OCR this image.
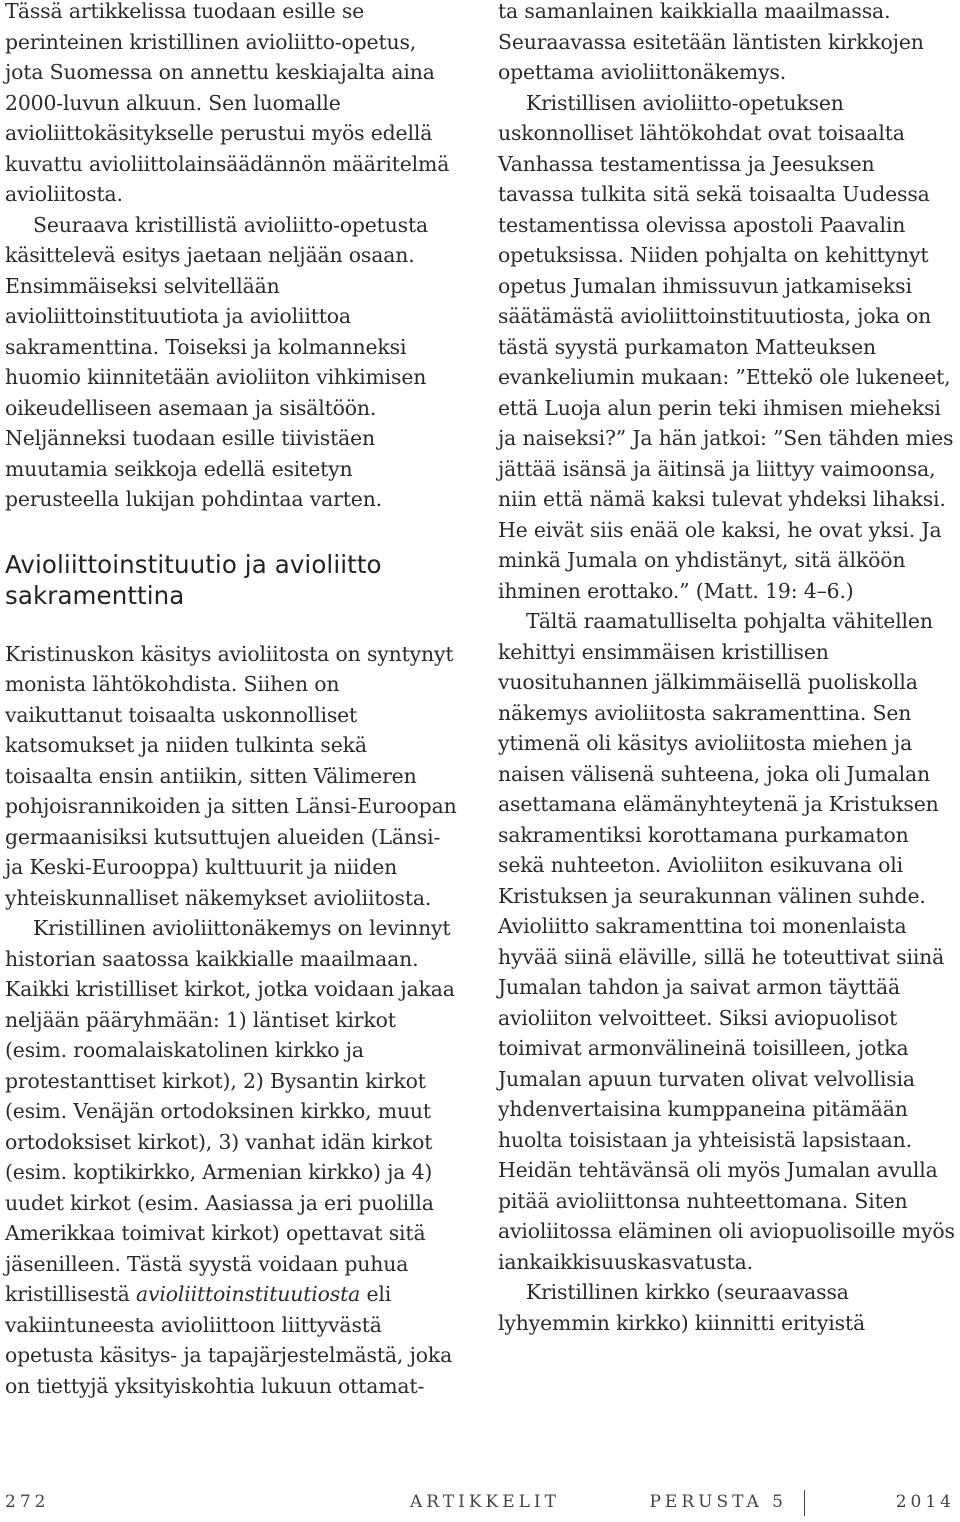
Tässä artikkelissa tuodaan esille se perinteinen kristillinen avioliitto-opetus, jota Suomessa on annettu keskiajalta aina 2000-luvun alkuun. Sen luomalle avioliittokäsitykselle perustui myös edellä kuvattu avioliittolainsäädännön määritelmä avioliitosta.

Seuraava kristillistä avioliitto-opetusta käsittelevä esitys jaetaan neljään osaan. Ensimmäiseksi selvitellään avioliittoinstituutiota ja avioliittoa sakramenttina. Toiseksi ja kolmanneksi huomio kiinnitetään avioliiton vihkimisen oikeudelliseen asemaan ja sisältöön. Neljänneksi tuodaan esille tiivistäen muutamia seikkoja edellä esitetyn perusteella lukijan pohdintaa varten.

Avioliittoinstituutio ja avioliitto sakramenttina

Kristinuskon käsitys avioliitosta on syntynyt monista lähtökohdista. Siihen on vaikuttanut toisaalta uskonnolliset katsomukset ja niiden tulkinta sekä toisaalta ensin antiikin, sitten Välimeren pohjoisrannikoiden ja sitten Länsi-Euroopan germaanisiksi kutsuttujen alueiden (Länsi- ja Keski-Eurooppa) kulttuurit ja niiden yhteiskunnalliset näkemykset avioliitosta.

Kristillinen avioliittonäkemys on levinnyt historian saatossa kaikkialle maailmaan. Kaikki kristilliset kirkot, jotka voidaan jakaa neljään pääryhmään: 1) läntiset kirkot (esim. roomalaiskatolinen kirkko ja protestanttiset kirkot), 2) Bysantin kirkot (esim. Venäjän ortodoksinen kirkko, muut ortodoksiset kirkot), 3) vanhat idän kirkot (esim. koptikirkko, Armenian kirkko) ja 4) uudet kirkot (esim. Aasiassa ja eri puolilla Amerikkaa toimivat kirkot) opettavat sitä jäsenilleen. Tästä syystä voidaan puhua kristillisestä avioliittoinstituutiosta eli vakiintuneesta avioliittoon liittyvästä opetusta käsitys- ja tapajärjestelmästä, joka on tiettyjä yksityiskohtia lukuun ottamat-

ta samanlainen kaikkialla maailmassa. Seuraavassa esitetään läntisten kirkkojen opettama avioliittonäkemys.

Kristillisen avioliitto-opetuksen uskonnolliset lähtökohdat ovat toisaalta Vanhassa testamentissa ja Jeesuksen tavassa tulkita sitä sekä toisaalta Uudessa testamentissa olevissa apostoli Paavalin opetuksissa. Niiden pohjalta on kehittynyt opetus Jumalan ihmissuvun jatkamiseksi säätämästä avioliittoinstituutiosta, joka on tästä syystä purkamaton Matteuksen evankeliumin mukaan: ”Ettekö ole lukeneet, että Luoja alun perin teki ihmisen mieheksi ja naiseksi?” Ja hän jatkoi: ”Sen tähden mies jättää isänsä ja äitinsä ja liittyy vaimoonsa, niin että nämä kaksi tulevat yhdeksi lihaksi. He eivät siis enää ole kaksi, he ovat yksi. Ja minkä Jumala on yhdistänyt, sitä älköön ihminen erottako.” (Matt. 19: 4–6.)

Tältä raamatulliselta pohjalta vähitellen kehittyi ensimmäisen kristillisen vuosituhannen jälkimmäisellä puoliskolla näkemys avioliitosta sakramenttina. Sen ytimenä oli käsitys avioliitosta miehen ja naisen välisenä suhteena, joka oli Jumalan asettamana elämänyhteytenä ja Kristuksen sakramentiksi korottamana purkamaton sekä nuhteeton. Avioliiton esikuvana oli Kristuksen ja seurakunnan välinen suhde. Avioliitto sakramenttina toi monenlaista hyvää siinä eläville, sillä he toteuttivat siinä Jumalan tahdon ja saivat armon täyttää avioliiton velvoitteet. Siksi aviopuolisot toimivat armonvälineinä toisilleen, jotka Jumalan apuun turvaten olivat velvollisia yhdenvertaisina kumppaneina pitämään huolta toisistaan ja yhteisistä lapsistaan. Heidän tehtävänsä oli myös Jumalan avulla pitää avioliittonsa nuhteettomana. Siten avioliitossa eläminen oli aviopuolisoille myös iankaikkisuuskasvatusta.

Kristillinen kirkko (seuraavassa lyhyemmin kirkko) kiinnitti erityistä

272	ARTIKKELIT	PERUSTA 5	2014
